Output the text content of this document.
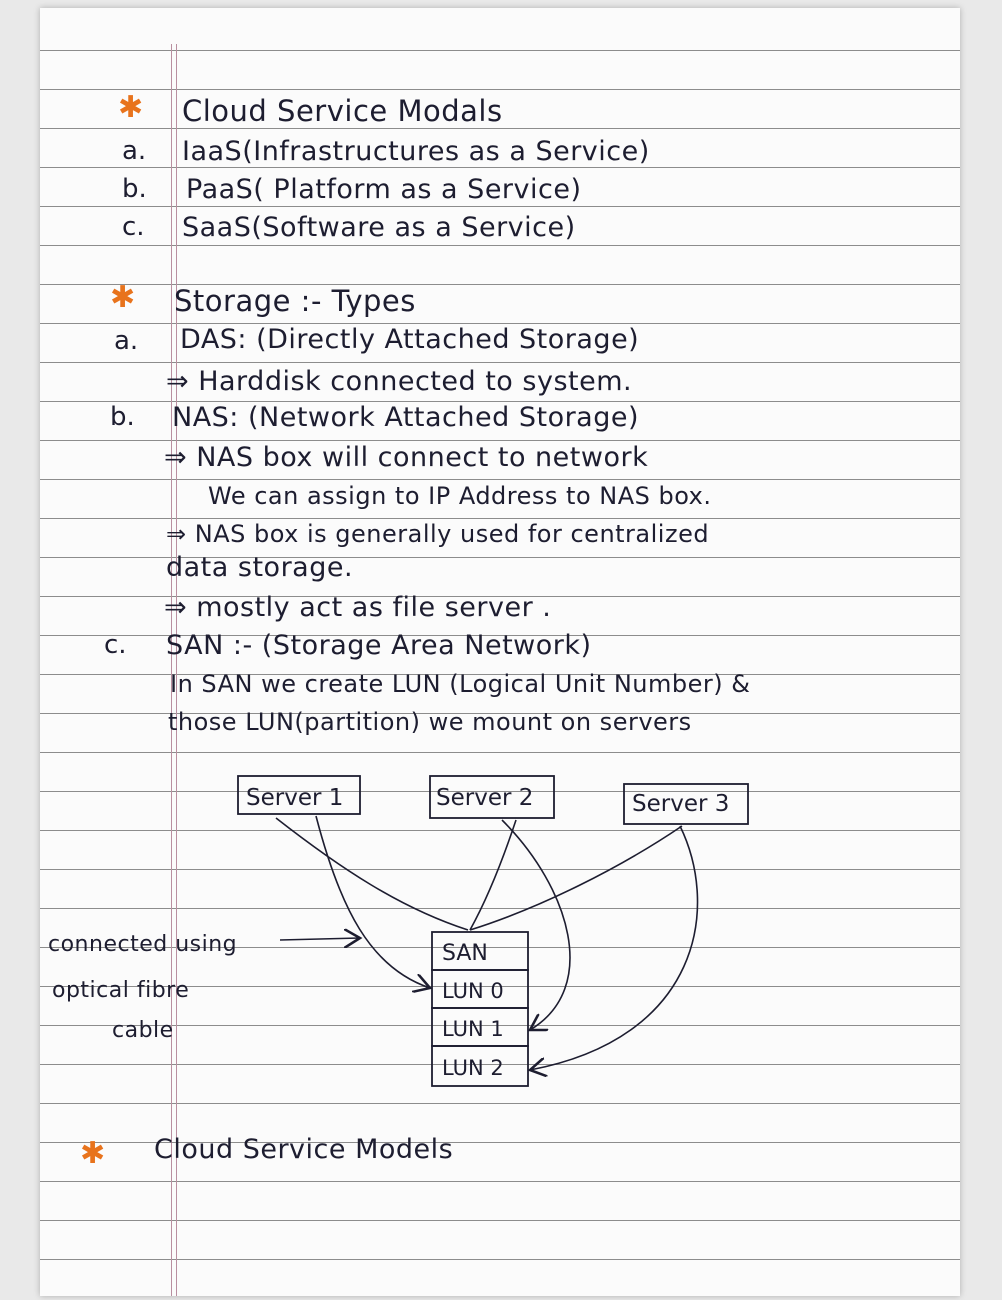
✱ Cloud Service Modals
a. IaaS(Infrastructures as a Service)
b. PaaS( Platform as a Service)
c. SaaS(Software as a Service)
✱ Storage :- Types
a. DAS: (Directly Attached Storage)
⇒ Harddisk connected to system.
b. NAS: (Network Attached Storage)
⇒ NAS box will connect to network
We can assign to IP Address to NAS box.
⇒ NAS box is generally used for centralized
data storage.
⇒ mostly act as file server .
c. SAN :- (Storage Area Network)
In SAN we create LUN (Logical Unit Number) &
those LUN(partition) we mount on servers
Server 1	Server 2	Server 3
SAN
LUN 0
LUN 1
LUN 2
connected using
optical fibre
cable
✱ Cloud Service Models
